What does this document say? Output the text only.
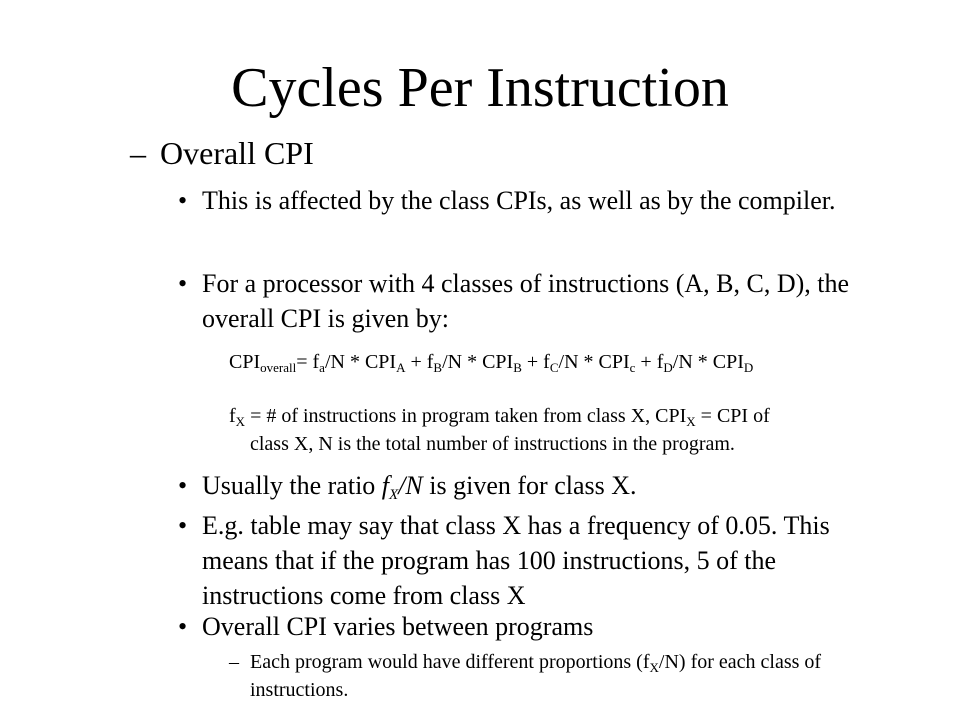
Cycles Per Instruction
– Overall CPI
• This is affected by the class CPIs, as well as by the compiler.
• For a processor with 4 classes of instructions (A, B, C, D), the overall CPI is given by:
$CPI_{overall}= f_a/N * CPI_A + f_B/N * CPI_B + f_C/N * CPI_c + f_D/N * CPI_D$
$f_X$ = # of instructions in program taken from class X, $CPI_X$ = CPI of
class X, N is the total number of instructions in the program.
• Usually the ratio $f_X/N$ is given for class X.
• E.g. table may say that class X has a frequency of 0.05. This means that if the program has 100 instructions, 5 of the instructions come from class X
• Overall CPI varies between programs
– Each program would have different proportions $(f_X/N)$ for each class of instructions.
